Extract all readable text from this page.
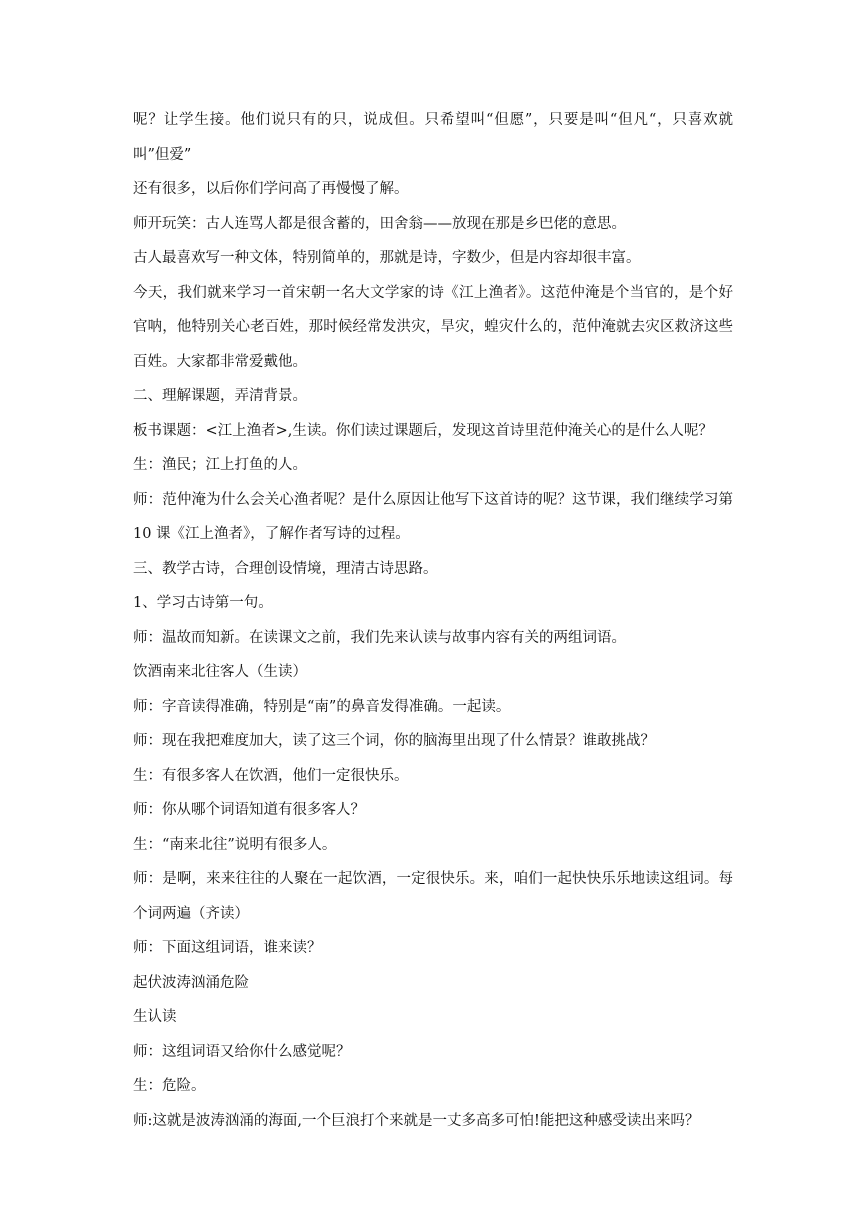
呢？让学生接。他们说只有的只，说成但。只希望叫“但愿”，只要是叫“但凡“，只喜欢就叫”但爱”

还有很多，以后你们学问高了再慢慢了解。

师开玩笑：古人连骂人都是很含蓄的，田舍翁——放现在那是乡巴佬的意思。

古人最喜欢写一种文体，特别简单的，那就是诗，字数少，但是内容却很丰富。

今天，我们就来学习一首宋朝一名大文学家的诗《江上渔者》。这范仲淹是个当官的，是个好官呐，他特别关心老百姓，那时候经常发洪灾，旱灾，蝗灾什么的，范仲淹就去灾区救济这些百姓。大家都非常爱戴他。

二、理解课题，弄清背景。

板书课题：<江上渔者>,生读。你们读过课题后，发现这首诗里范仲淹关心的是什么人呢？

生：渔民；江上打鱼的人。

师：范仲淹为什么会关心渔者呢？是什么原因让他写下这首诗的呢？这节课，我们继续学习第 10 课《江上渔者》，了解作者写诗的过程。

三、教学古诗，合理创设情境，理清古诗思路。

1、学习古诗第一句。

师：温故而知新。在读课文之前，我们先来认读与故事内容有关的两组词语。

饮酒南来北往客人（生读）

师：字音读得准确，特别是“南”的鼻音发得准确。一起读。

师：现在我把难度加大，读了这三个词，你的脑海里出现了什么情景？谁敢挑战？

生：有很多客人在饮酒，他们一定很快乐。

师：你从哪个词语知道有很多客人？

生：“南来北往”说明有很多人。

师：是啊，来来往往的人聚在一起饮酒，一定很快乐。来，咱们一起快快乐乐地读这组词。每个词两遍（齐读）

师：下面这组词语，谁来读？

起伏波涛汹涌危险

生认读

师：这组词语又给你什么感觉呢？

生：危险。

师:这就是波涛汹涌的海面,一个巨浪打个来就是一丈多高多可怕!能把这种感受读出来吗？
